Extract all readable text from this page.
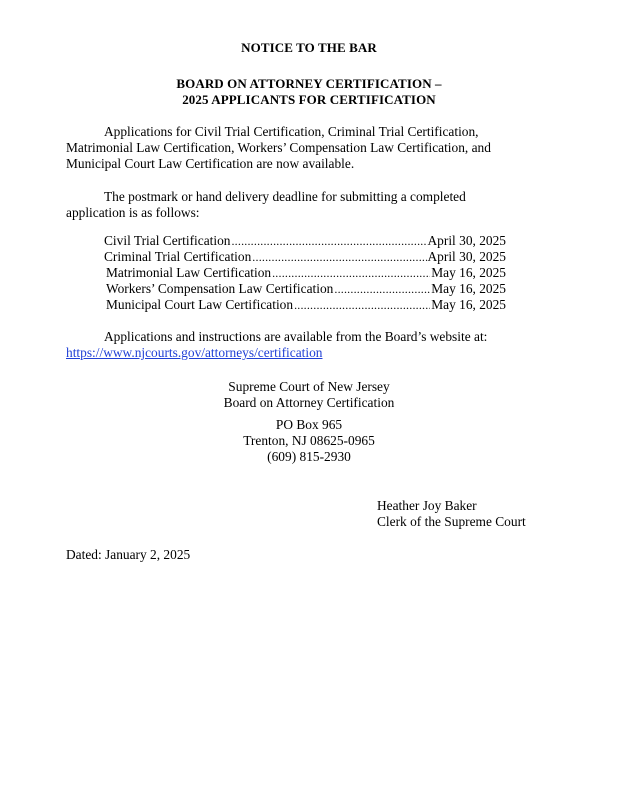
NOTICE TO THE BAR
BOARD ON ATTORNEY CERTIFICATION –
2025 APPLICANTS FOR CERTIFICATION
Applications for Civil Trial Certification, Criminal Trial Certification,
Matrimonial Law Certification, Workers’ Compensation Law Certification, and
Municipal Court Law Certification are now available.
The postmark or hand delivery deadline for submitting a completed
application is as follows:
Civil Trial Certification .....	April 30, 2025
Criminal Trial Certification .....	April 30, 2025
Matrimonial Law Certification .....	May 16, 2025
Workers’ Compensation Law Certification .....	May 16, 2025
Municipal Court Law Certification .....	May 16, 2025
Applications and instructions are available from the Board’s website at:
https://www.njcourts.gov/attorneys/certification
Supreme Court of New Jersey
Board on Attorney Certification
PO Box 965
Trenton, NJ 08625-0965
(609) 815-2930
Heather Joy Baker
Clerk of the Supreme Court
Dated: January 2, 2025
